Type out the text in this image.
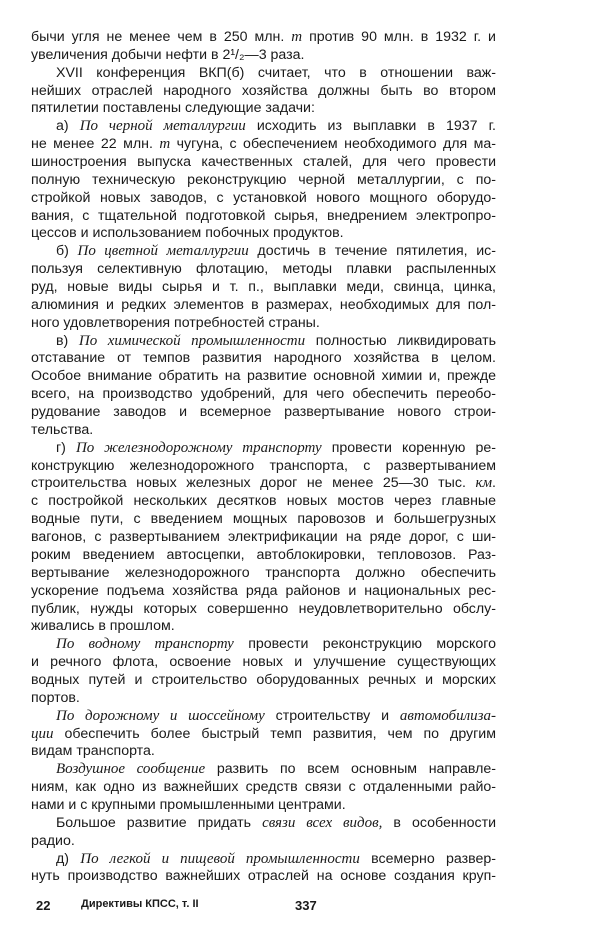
бычи угля не менее чем в 250 млн. т против 90 млн. в 1932 г. и
увеличения добычи нефти в 2¹/₂—3 раза.
XVII конференция ВКП(б) считает, что в отношении важ-
нейших отраслей народного хозяйства должны быть во втором
пятилетии поставлены следующие задачи:
а) По черной металлургии исходить из выплавки в 1937 г.
не менее 22 млн. т чугуна, с обеспечением необходимого для ма-
шиностроения выпуска качественных сталей, для чего провести
полную техническую реконструкцию черной металлургии, с по-
стройкой новых заводов, с установкой нового мощного оборудо-
вания, с тщательной подготовкой сырья, внедрением электропро-
цессов и использованием побочных продуктов.
б) По цветной металлургии достичь в течение пятилетия, ис-
пользуя селективную флотацию, методы плавки распыленных
руд, новые виды сырья и т. п., выплавки меди, свинца, цинка,
алюминия и редких элементов в размерах, необходимых для пол-
ного удовлетворения потребностей страны.
в) По химической промышленности полностью ликвидировать
отставание от темпов развития народного хозяйства в целом.
Особое внимание обратить на развитие основной химии и, прежде
всего, на производство удобрений, для чего обеспечить переобо-
рудование заводов и всемерное развертывание нового строи-
тельства.
г) По железнодорожному транспорту провести коренную ре-
конструкцию железнодорожного транспорта, с развертыванием
строительства новых железных дорог не менее 25—30 тыс. км.
с постройкой нескольких десятков новых мостов через главные
водные пути, с введением мощных паровозов и большегрузных
вагонов, с развертыванием электрификации на ряде дорог, с ши-
роким введением автосцепки, автоблокировки, тепловозов. Раз-
вертывание железнодорожного транспорта должно обеспечить
ускорение подъема хозяйства ряда районов и национальных рес-
публик, нужды которых совершенно неудовлетворительно обслу-
живались в прошлом.
По водному транспорту провести реконструкцию морского
и речного флота, освоение новых и улучшение существующих
водных путей и строительство оборудованных речных и морских
портов.
По дорожному и шоссейному строительству и автомобилиза-
ции обеспечить более быстрый темп развития, чем по другим
видам транспорта.
Воздушное сообщение развить по всем основным направле-
ниям, как одно из важнейших средств связи с отдаленными райо-
нами и с крупными промышленными центрами.
Большое развитие придать связи всех видов, в особенности
радио.
д) По легкой и пищевой промышленности всемерно развер-
нуть производство важнейших отраслей на основе создания круп-
22	Директивы КПСС, т. II	337
